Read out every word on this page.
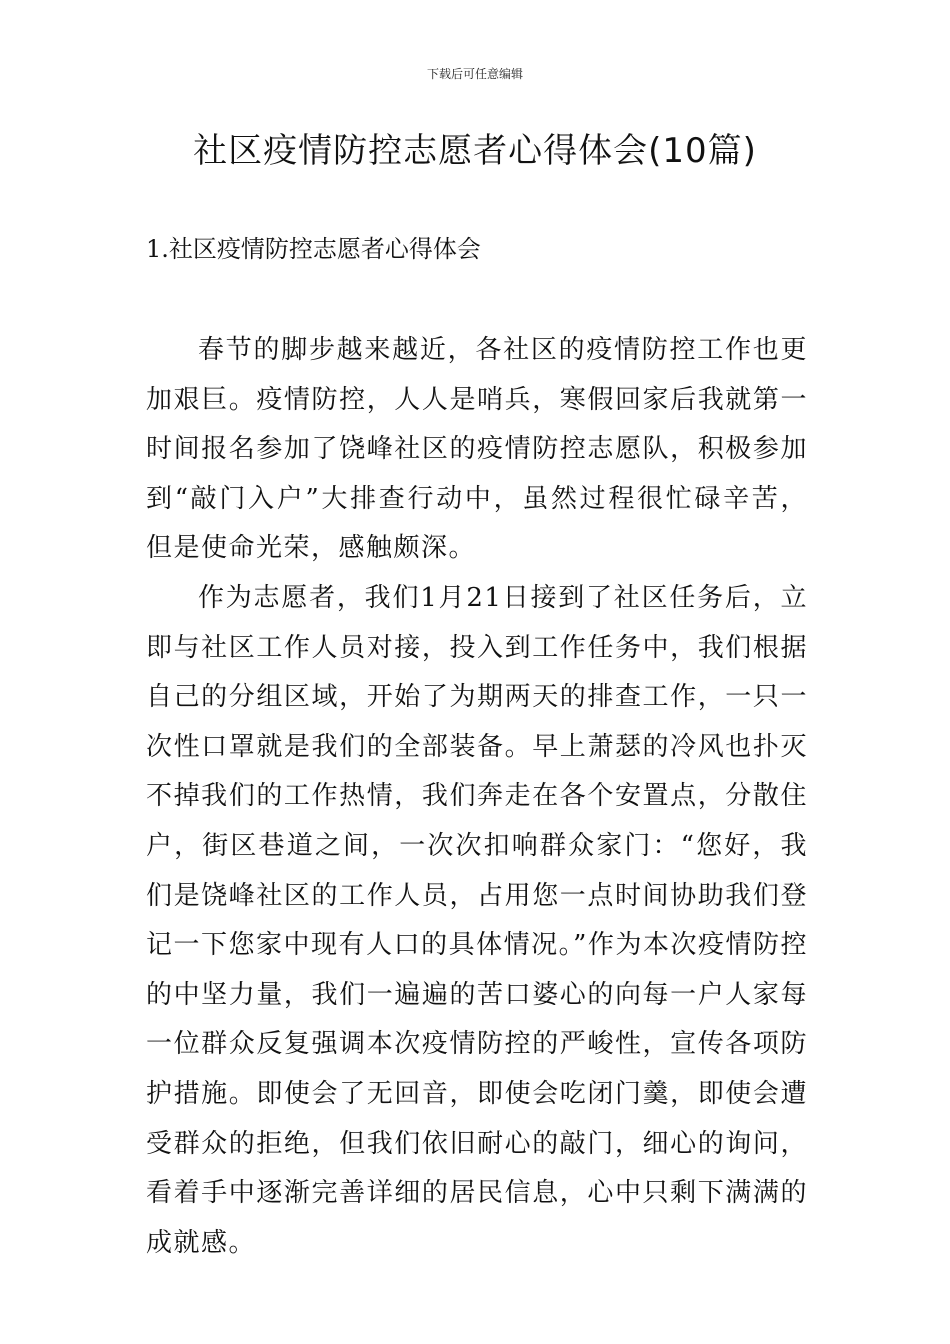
下载后可任意编辑
社区疫情防控志愿者心得体会(10篇)
1.社区疫情防控志愿者心得体会

春节的脚步越来越近，各社区的疫情防控工作也更加艰巨。疫情防控，人人是哨兵，寒假回家后我就第一时间报名参加了饶峰社区的疫情防控志愿队，积极参加到“敲门入户”大排查行动中，虽然过程很忙碌辛苦，但是使命光荣，感触颇深。

作为志愿者，我们1月21日接到了社区任务后，立即与社区工作人员对接，投入到工作任务中，我们根据自己的分组区域，开始了为期两天的排查工作，一只一次性口罩就是我们的全部装备。早上萧瑟的冷风也扑灭不掉我们的工作热情，我们奔走在各个安置点，分散住户，街区巷道之间，一次次扣响群众家门：“您好，我们是饶峰社区的工作人员，占用您一点时间协助我们登记一下您家中现有人口的具体情况。”作为本次疫情防控的中坚力量，我们一遍遍的苦口婆心的向每一户人家每一位群众反复强调本次疫情防控的严峻性，宣传各项防护措施。即使会了无回音，即使会吃闭门羹，即使会遭受群众的拒绝，但我们依旧耐心的敲门，细心的询问，看着手中逐渐完善详细的居民信息，心中只剩下满满的成就感。
